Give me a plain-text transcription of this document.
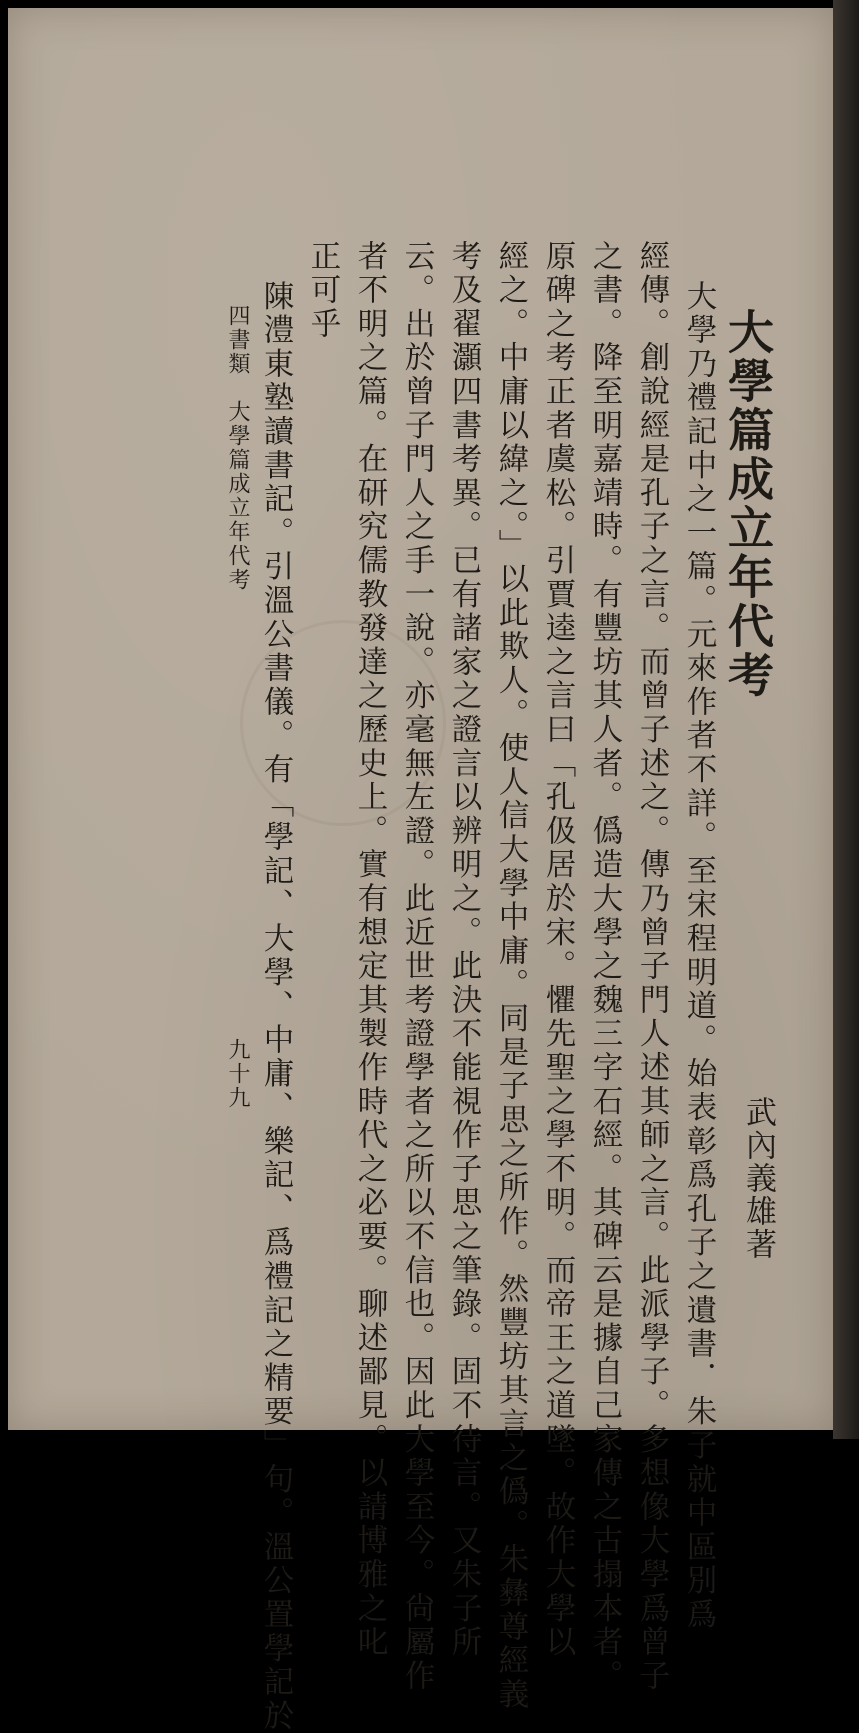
大學篇成立年代考
武內義雄著
大學乃禮記中之一篇。元來作者不詳。至宋程明道。始表彰爲孔子之遺書．朱子就中區別爲
經傳。創說經是孔子之言。而曾子述之。傳乃曾子門人述其師之言。此派學子。多想像大學爲曾子
之書。降至明嘉靖時。有豐坊其人者。僞造大學之魏三字石經。其碑云是據自己家傳之古搨本者。
原碑之考正者虞松。引賈逵之言曰「孔伋居於宋。懼先聖之學不明。而帝王之道墜。故作大學以
經之。中庸以緯之。」以此欺人。使人信大學中庸。同是子思之所作。然豐坊其言之僞。朱彝尊經義
考及翟灝四書考異。已有諸家之證言以辨明之。此決不能視作子思之筆錄。固不待言。又朱子所
云。出於曾子門人之手一說。亦毫無左證。此近世考證學者之所以不信也。因此大學至今。尙屬作
者不明之篇。在研究儒教發達之歷史上。實有想定其製作時代之必要。聊述鄙見。以請博雅之叱
正可乎
陳澧東塾讀書記。引溫公書儀。有「學記、大學、中庸、樂記、爲禮記之精要」句。溫公置學記於
四書類　大學篇成立年代考
九十九
